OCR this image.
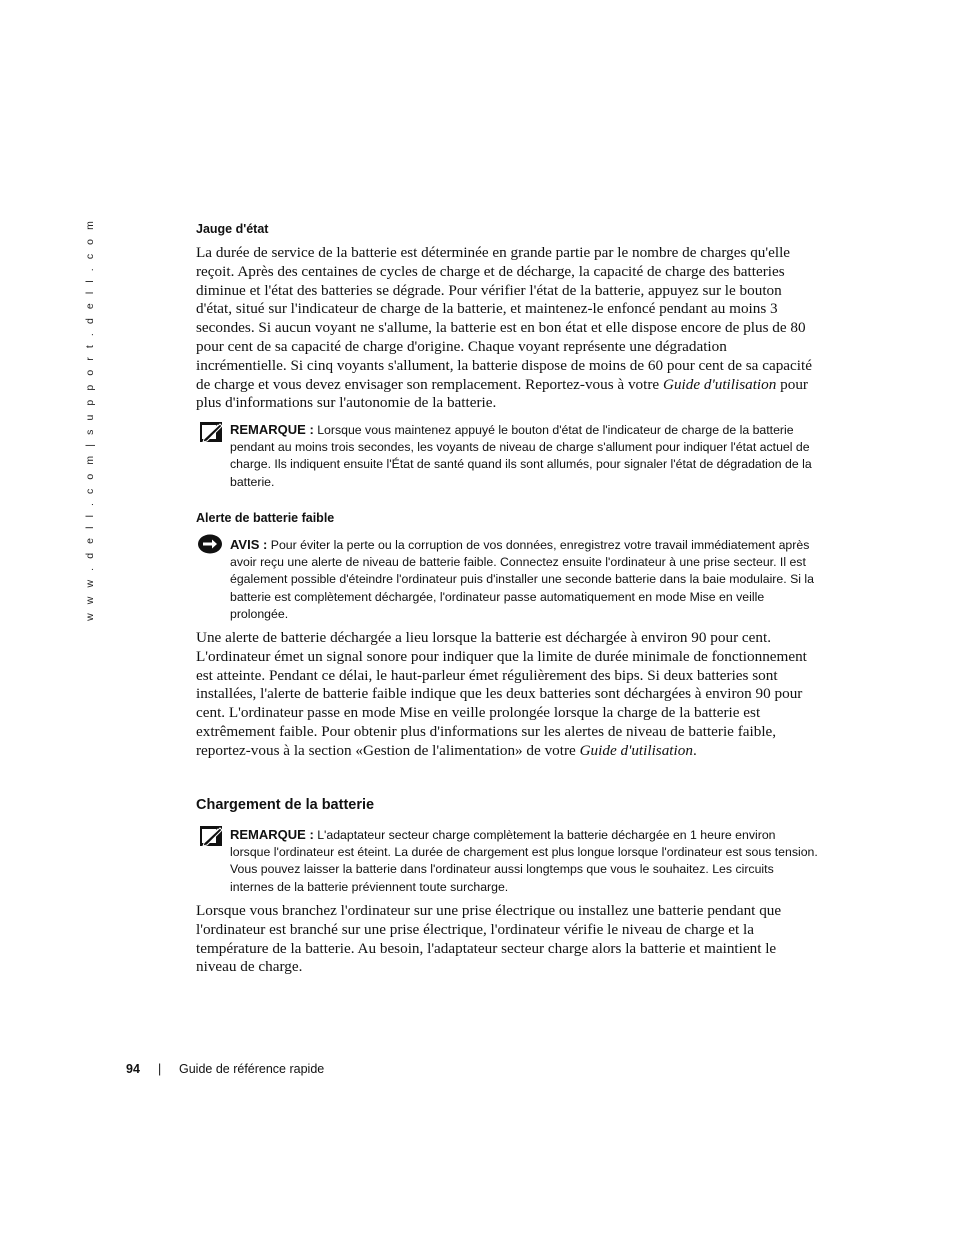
w w w . d e l l . c o m | s u p p o r t . d e l l . c o m	Jauge d'état

La durée de service de la batterie est déterminée en grande partie par le nombre de charges qu'elle reçoit. Après des centaines de cycles de charge et de décharge, la capacité de charge des batteries diminue et l'état des batteries se dégrade. Pour vérifier l'état de la batterie, appuyez sur le bouton d'état, situé sur l'indicateur de charge de la batterie, et maintenez-le enfoncé pendant au moins 3 secondes. Si aucun voyant ne s'allume, la batterie est en bon état et elle dispose encore de plus de 80 pour cent de sa capacité de charge d'origine. Chaque voyant représente une dégradation incrémentielle. Si cinq voyants s'allument, la batterie dispose de moins de 60 pour cent de sa capacité de charge et vous devez envisager son remplacement. Reportez-vous à votre Guide d'utilisation pour plus d'informations sur l'autonomie de la batterie.

REMARQUE : Lorsque vous maintenez appuyé le bouton d'état de l'indicateur de charge de la batterie pendant au moins trois secondes, les voyants de niveau de charge s'allument pour indiquer l'état actuel de charge. Ils indiquent ensuite l'État de santé quand ils sont allumés, pour signaler l'état de dégradation de la batterie.
Alerte de batterie faible
AVIS : Pour éviter la perte ou la corruption de vos données, enregistrez votre travail immédiatement après avoir reçu une alerte de niveau de batterie faible. Connectez ensuite l'ordinateur à une prise secteur. Il est également possible d'éteindre l'ordinateur puis d'installer une seconde batterie dans la baie modulaire. Si la batterie est complètement déchargée, l'ordinateur passe automatiquement en mode Mise en veille prolongée.

Une alerte de batterie déchargée a lieu lorsque la batterie est déchargée à environ 90 pour cent. L'ordinateur émet un signal sonore pour indiquer que la limite de durée minimale de fonctionnement est atteinte. Pendant ce délai, le haut-parleur émet régulièrement des bips. Si deux batteries sont installées, l'alerte de batterie faible indique que les deux batteries sont déchargées à environ 90 pour cent. L'ordinateur passe en mode Mise en veille prolongée lorsque la charge de la batterie est extrêmement faible. Pour obtenir plus d'informations sur les alertes de niveau de batterie faible, reportez-vous à la section «Gestion de l'alimentation» de votre Guide d'utilisation.

Chargement de la batterie
REMARQUE : L'adaptateur secteur charge complètement la batterie déchargée en 1 heure environ lorsque l'ordinateur est éteint. La durée de chargement est plus longue lorsque l'ordinateur est sous tension. Vous pouvez laisser la batterie dans l'ordinateur aussi longtemps que vous le souhaitez. Les circuits internes de la batterie préviennent toute surcharge.

Lorsque vous branchez l'ordinateur sur une prise électrique ou installez une batterie pendant que l'ordinateur est branché sur une prise électrique, l'ordinateur vérifie le niveau de charge et la température de la batterie. Au besoin, l'adaptateur secteur charge alors la batterie et maintient le niveau de charge.

94 | Guide de référence rapide
